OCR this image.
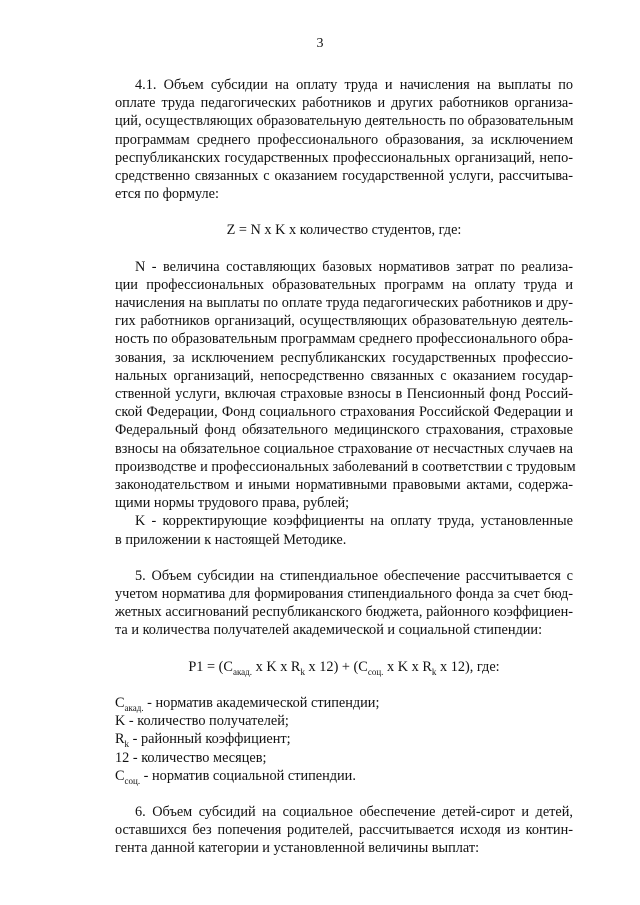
3
4.1. Объем субсидии на оплату труда и начисления на выплаты по
оплате труда педагогических работников и других работников организа-
ций, осуществляющих образовательную деятельность по образовательным
программам среднего профессионального образования, за исключением
республиканских государственных профессиональных организаций, непо-
средственно связанных с оказанием государственной услуги, рассчитыва-
ется по формуле:
Z = N x K x количество студентов, где:
N - величина составляющих базовых нормативов затрат по реализа-
ции профессиональных образовательных программ на оплату труда и
начисления на выплаты по оплате труда педагогических работников и дру-
гих работников организаций, осуществляющих образовательную деятель-
ность по образовательным программам среднего профессионального обра-
зования, за исключением республиканских государственных профессио-
нальных организаций, непосредственно связанных с оказанием государ-
ственной услуги, включая страховые взносы в Пенсионный фонд Россий-
ской Федерации, Фонд социального страхования Российской Федерации и
Федеральный фонд обязательного медицинского страхования, страховые
взносы на обязательное социальное страхование от несчастных случаев на
производстве и профессиональных заболеваний в соответствии с трудовым
законодательством и иными нормативными правовыми актами, содержа-
щими нормы трудового права, рублей;
K - корректирующие коэффициенты на оплату труда, установленные
в приложении к настоящей Методике.
5. Объем субсидии на стипендиальное обеспечение рассчитывается с
учетом норматива для формирования стипендиального фонда за счет бюд-
жетных ассигнований республиканского бюджета, районного коэффициен-
та и количества получателей академической и социальной стипендии:
$P1 = (C_{акад.}$ x K x $R_k$ x $12) + (C_{соц.}$ x K x $R_k$ x 12), где:
$C_{акад.}$ - норматив академической стипендии;
K - количество получателей;
$R_k$ - районный коэффициент;
12 - количество месяцев;
$C_{соц.}$ - норматив социальной стипендии.
6. Объем субсидий на социальное обеспечение детей-сирот и детей,
оставшихся без попечения родителей, рассчитывается исходя из контин-
гента данной категории и установленной величины выплат:
